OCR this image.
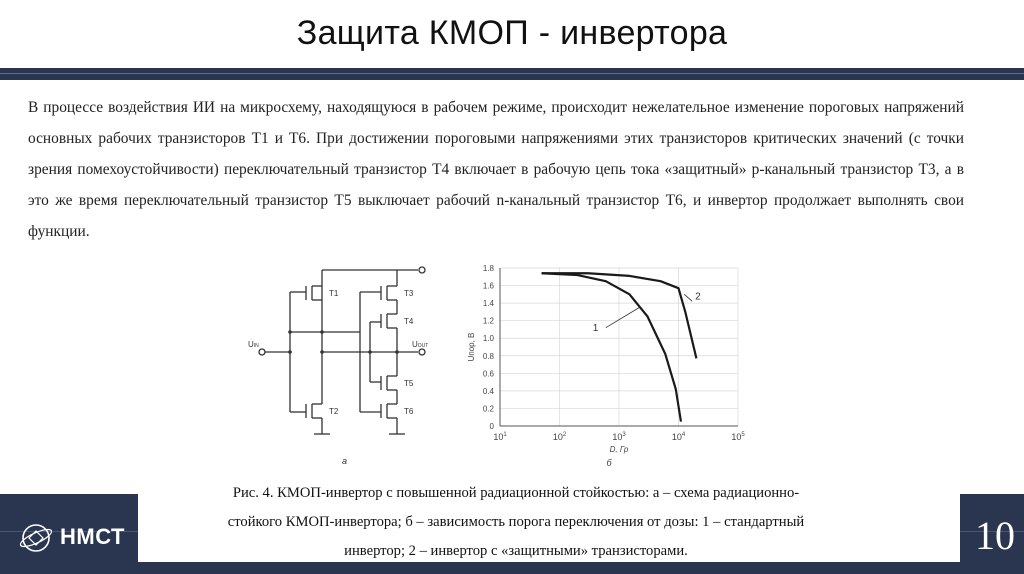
Защита КМОП - инвертора
В процессе воздействия ИИ на микросхему, находящуюся в рабочем режиме, происходит нежелательное изменение пороговых напряжений основных рабочих транзисторов Т1 и Т6. При достижении пороговыми напряжениями этих транзисторов критических значений (с точки зрения помехоустойчивости) переключательный транзистор Т4 включает в рабочую цепь тока «защитный» р-канальный транзистор Т3, а в это же время переключательный транзистор Т5 выключает рабочий n-канальный транзистор Т6, и инвертор продолжает выполнять свои функции.
T1
T2
T3
T4
T5
T6
UIN	UOUT
а
0
0.2
0.4
0.6
0.8
1.0
1.2
1.4
1.6
1.8
$10^1$	$10^2$	$10^3$	$10^4$	$10^5$
1
2
Uпор, В
D, Гр
б
Рис. 4. КМОП-инвертор с повышенной радиационной стойкостью: а – схема радиационно-
стойкого КМОП-инвертора; б – зависимость порога переключения от дозы: 1 – стандартный
инвертор; 2 – инвертор с «защитными» транзисторами.
НМСТ	10
